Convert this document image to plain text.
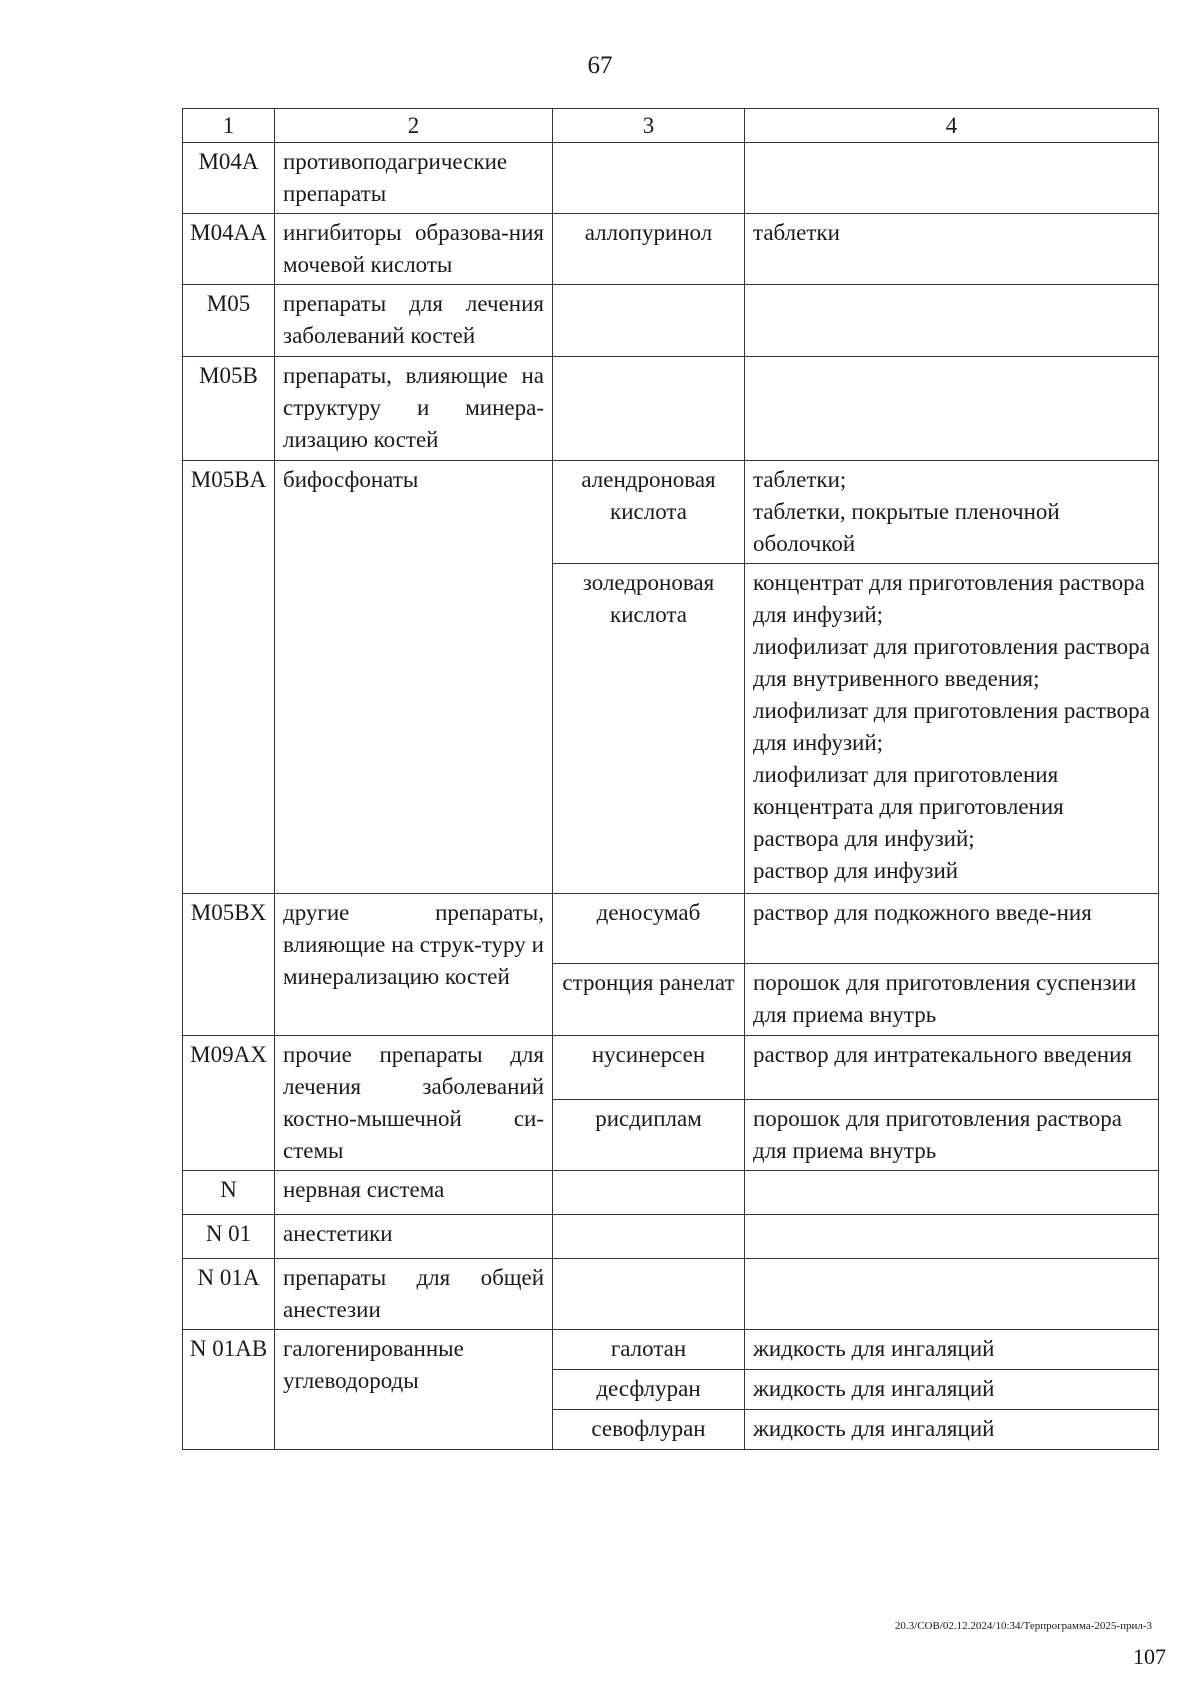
67
1	2	3	4
M04A	противоподагрические препараты		
M04AA	ингибиторы образова-ния мочевой кислоты	аллопуринол	таблетки
M05	препараты для лечения заболеваний костей		
M05B	препараты, влияющие на структуру и минера-лизацию костей		
M05BA	бифосфонаты	алендроновая кислота	таблетки;
таблетки, покрытые пленочной оболочкой

		золедроновая кислота	концентрат для приготовления раствора для инфузий;
лиофилизат для приготовления раствора для внутривенного введения;
лиофилизат для приготовления раствора для инфузий;
лиофилизат для приготовления концентрата для приготовления раствора для инфузий;
раствор для инфузий

M05BX	другие препараты, влияющие на струк-туру и минерализацию костей	деносумаб	раствор для подкожного введе-ния
		стронция ранелат	порошок для приготовления суспензии для приема внутрь
M09AX	прочие препараты для лечения заболеваний костно-мышечной си-стемы	нусинерсен	раствор для интратекального введения
		рисдиплам	порошок для приготовления раствора для приема внутрь
N	нервная система		
N 01	анестетики		
N 01A	препараты для общей анестезии		
N 01AB	галогенированные углеводороды	галотан	жидкость для ингаляций
		десфлуран	жидкость для ингаляций
		севофлуран	жидкость для ингаляций
20.3/СОВ/02.12.2024/10:34/Терпрограмма-2025-прил-3
107
